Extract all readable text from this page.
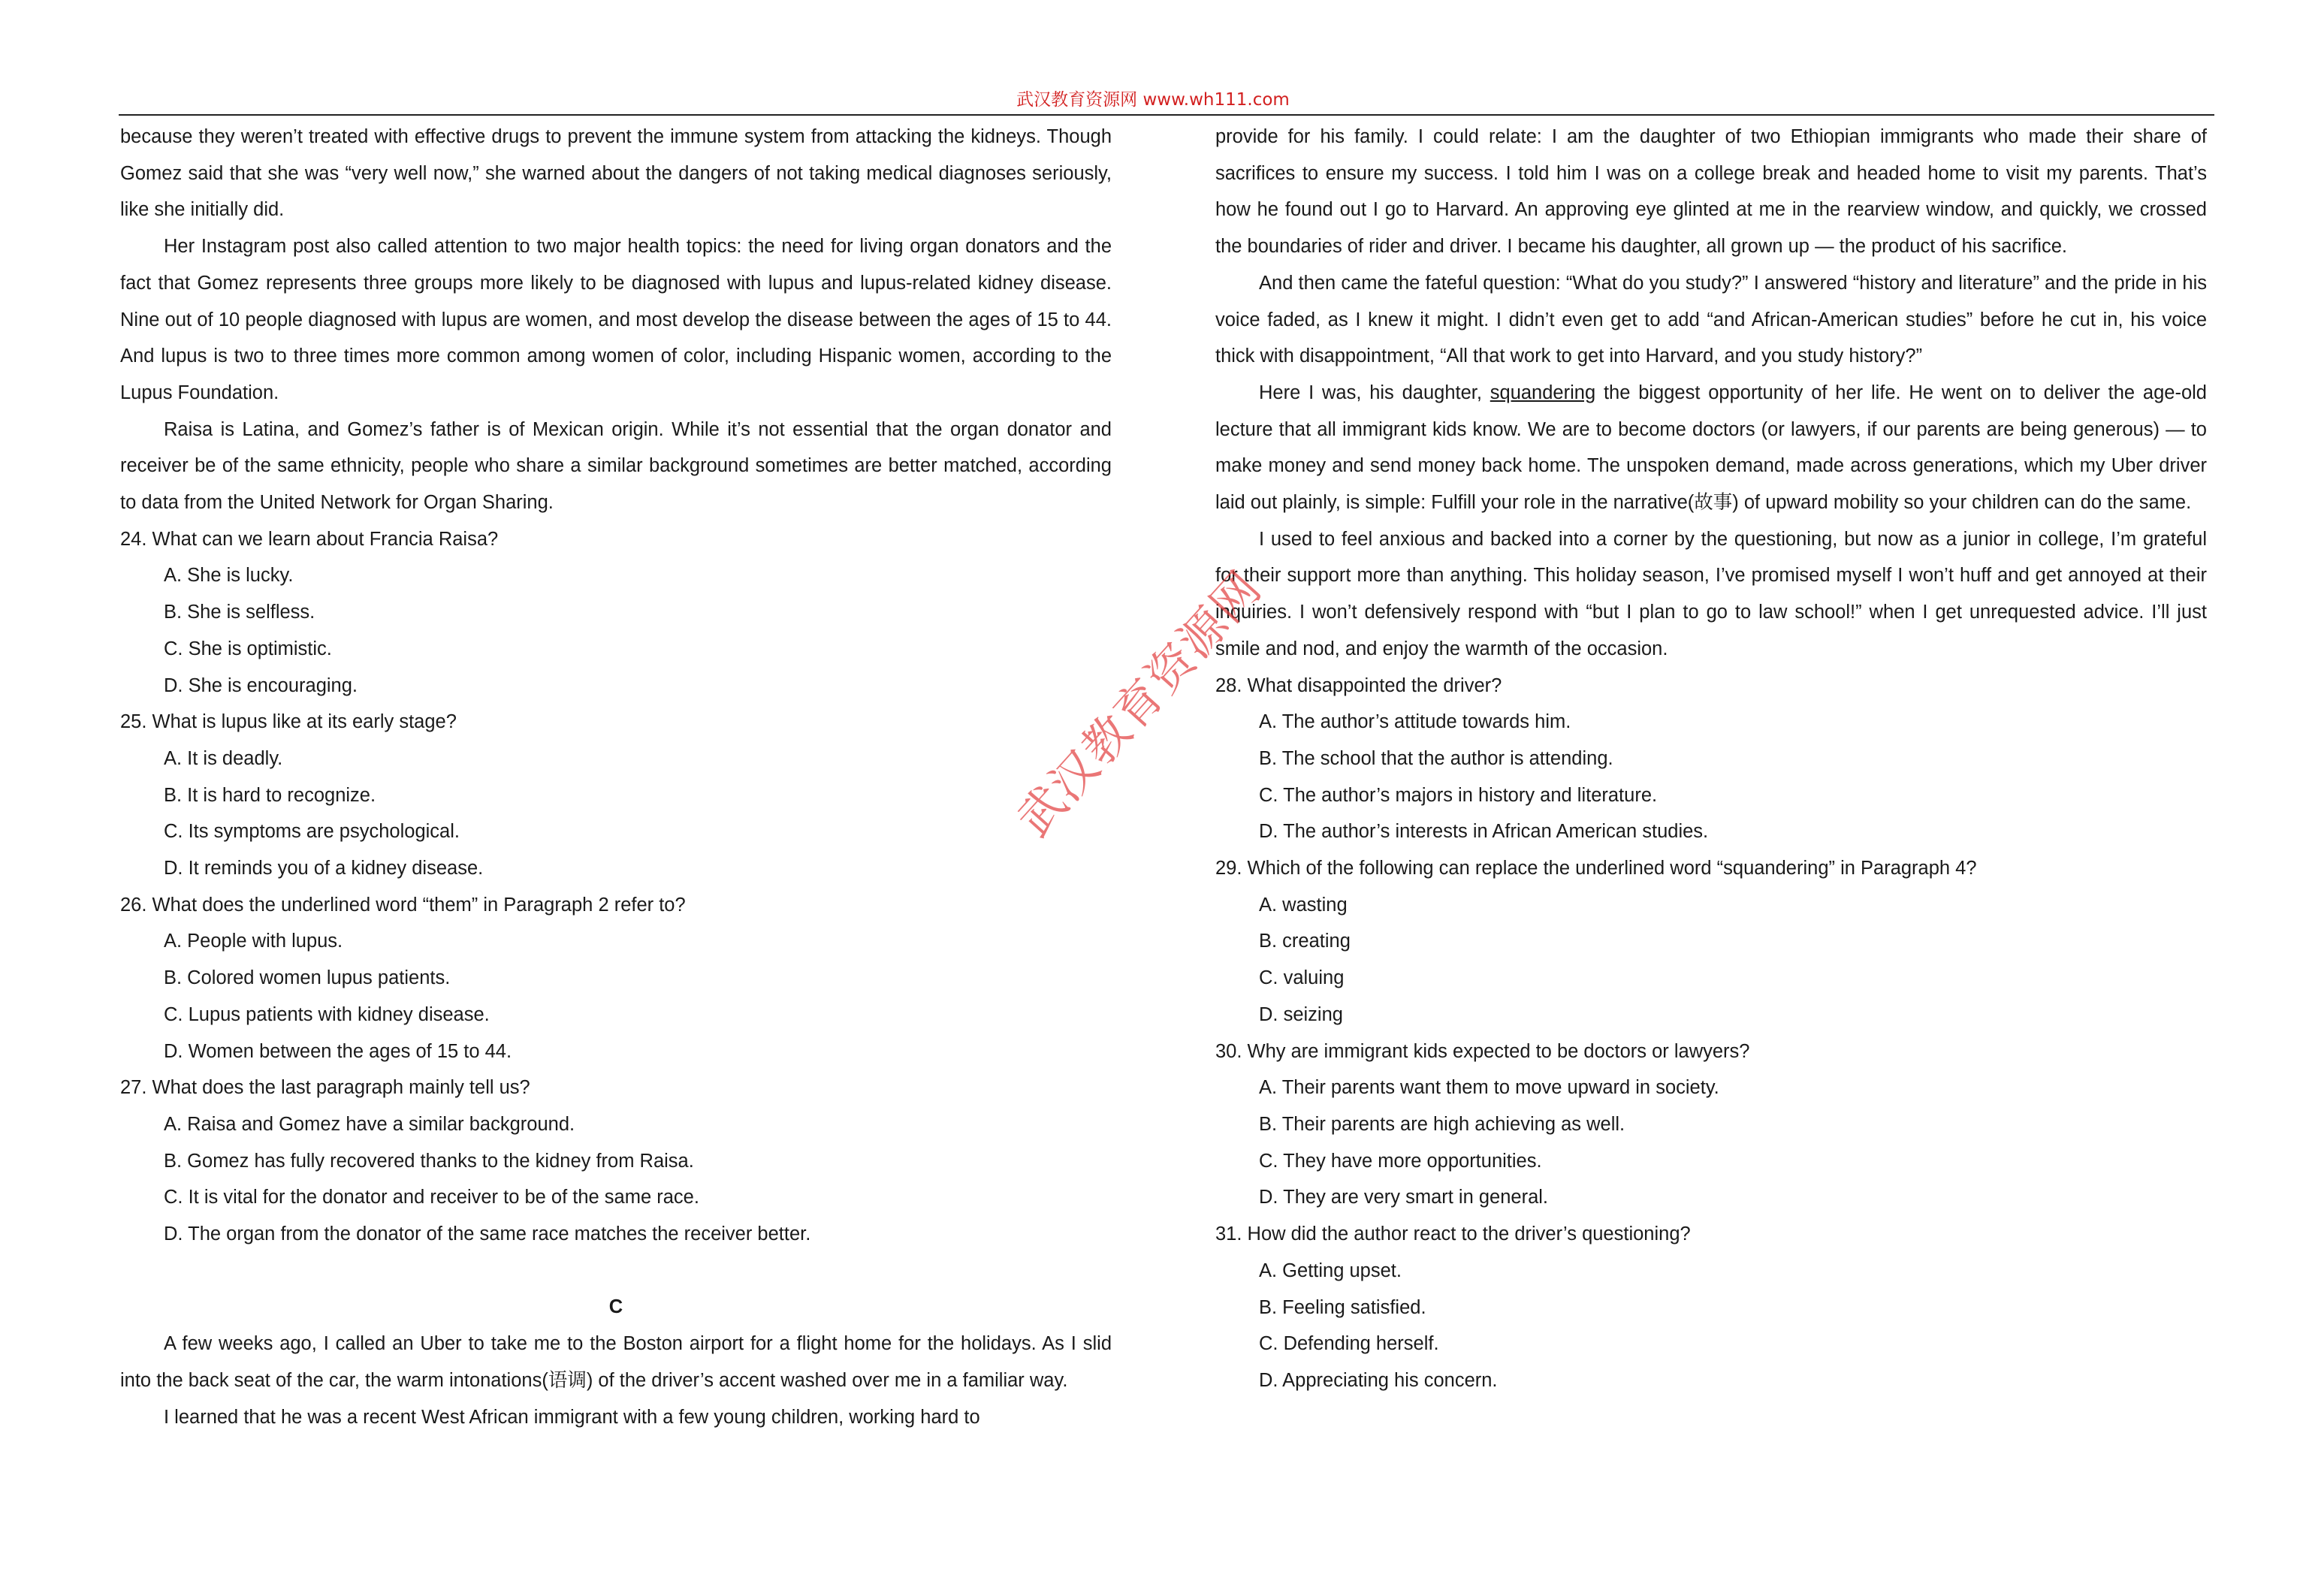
武汉教育资源网 www.wh111.com

because they weren’t treated with effective drugs to prevent the immune system from attacking the kidneys. Though Gomez said that she was “very well now,” she warned about the dangers of not taking medical diagnoses seriously, like she initially did.

Her Instagram post also called attention to two major health topics: the need for living organ donators and the fact that Gomez represents three groups more likely to be diagnosed with lupus and lupus-related kidney disease. Nine out of 10 people diagnosed with lupus are women, and most develop the disease between the ages of 15 to 44. And lupus is two to three times more common among women of color, including Hispanic women, according to the Lupus Foundation.

Raisa is Latina, and Gomez’s father is of Mexican origin. While it’s not essential that the organ donator and receiver be of the same ethnicity, people who share a similar background sometimes are better matched, according to data from the United Network for Organ Sharing.

24. What can we learn about Francia Raisa?
A. She is lucky.
B. She is selfless.
C. She is optimistic.
D. She is encouraging.
25. What is lupus like at its early stage?
A. It is deadly.
B. It is hard to recognize.
C. Its symptoms are psychological.
D. It reminds you of a kidney disease.
26. What does the underlined word “them” in Paragraph 2 refer to?
A. People with lupus.
B. Colored women lupus patients.
C. Lupus patients with kidney disease.
D. Women between the ages of 15 to 44.
27. What does the last paragraph mainly tell us?
A. Raisa and Gomez have a similar background.
B. Gomez has fully recovered thanks to the kidney from Raisa.
C. It is vital for the donator and receiver to be of the same race.
D. The organ from the donator of the same race matches the receiver better.
C

A few weeks ago, I called an Uber to take me to the Boston airport for a flight home for the holidays. As I slid into the back seat of the car, the warm intonations(语调) of the driver’s accent washed over me in a familiar way.

I learned that he was a recent West African immigrant with a few young children, working hard to

provide for his family. I could relate: I am the daughter of two Ethiopian immigrants who made their share of sacrifices to ensure my success. I told him I was on a college break and headed home to visit my parents. That’s how he found out I go to Harvard. An approving eye glinted at me in the rearview window, and quickly, we crossed the boundaries of rider and driver. I became his daughter, all grown up — the product of his sacrifice.

And then came the fateful question: “What do you study?” I answered “history and literature” and the pride in his voice faded, as I knew it might. I didn’t even get to add “and African-American studies” before he cut in, his voice thick with disappointment, “All that work to get into Harvard, and you study history?”

Here I was, his daughter, squandering the biggest opportunity of her life. He went on to deliver the age-old lecture that all immigrant kids know. We are to become doctors (or lawyers, if our parents are being generous) — to make money and send money back home. The unspoken demand, made across generations, which my Uber driver laid out plainly, is simple: Fulfill your role in the narrative(故事) of upward mobility so your children can do the same.

I used to feel anxious and backed into a corner by the questioning, but now as a junior in college, I’m grateful for their support more than anything. This holiday season, I’ve promised myself I won’t huff and get annoyed at their inquiries. I won’t defensively respond with “but I plan to go to law school!” when I get unrequested advice. I’ll just smile and nod, and enjoy the warmth of the occasion.

28. What disappointed the driver?
A. The author’s attitude towards him.
B. The school that the author is attending.
C. The author’s majors in history and literature.
D. The author’s interests in African American studies.
29. Which of the following can replace the underlined word “squandering” in Paragraph 4?
A. wasting
B. creating
C. valuing
D. seizing
30. Why are immigrant kids expected to be doctors or lawyers?
A. Their parents want them to move upward in society.
B. Their parents are high achieving as well.
C. They have more opportunities.
D. They are very smart in general.
31. How did the author react to the driver’s questioning?
A. Getting upset.
B. Feeling satisfied.
C. Defending herself.
D. Appreciating his concern.
武汉教育资源网
